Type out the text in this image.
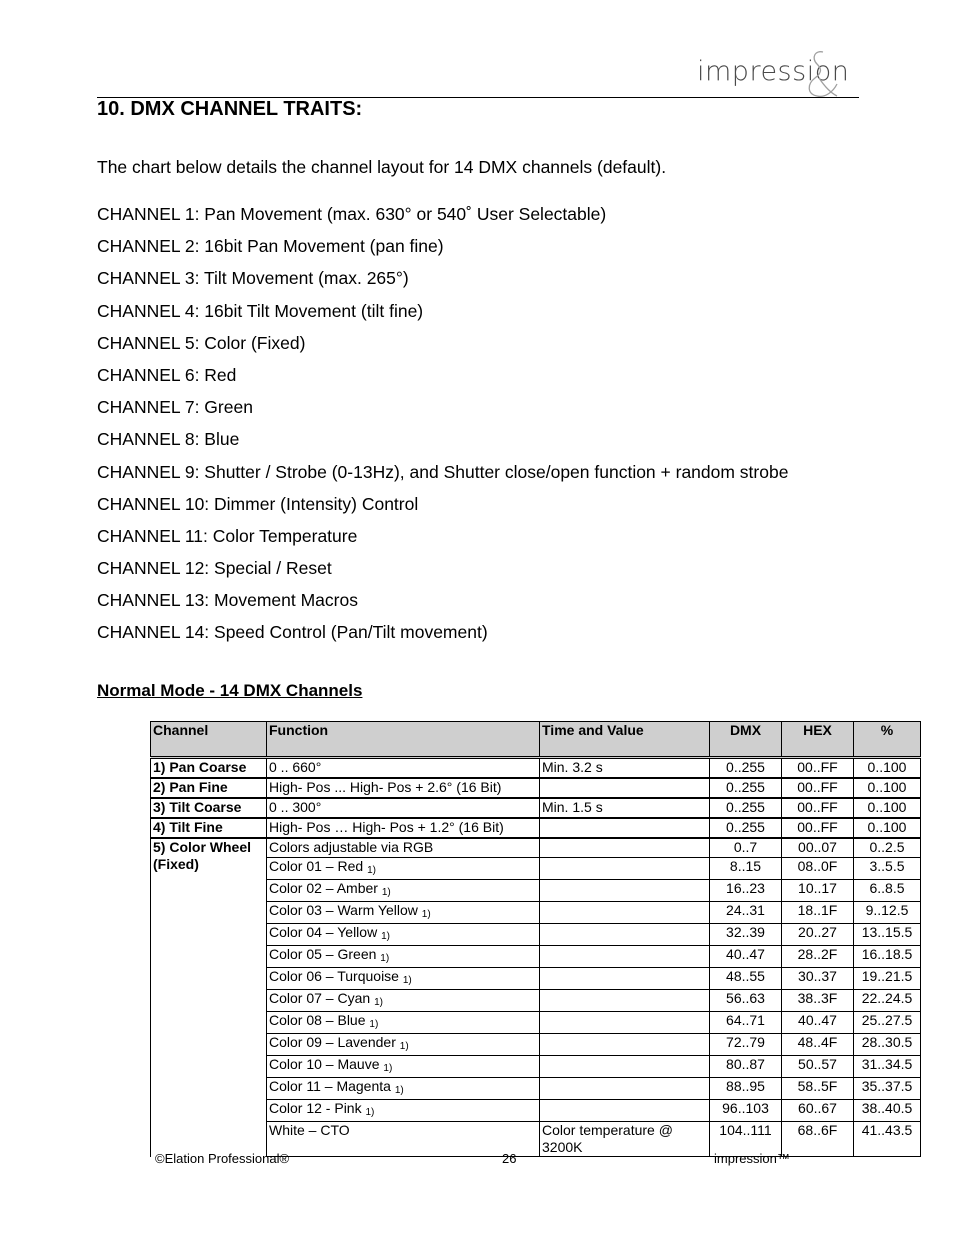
impression
10. DMX CHANNEL TRAITS:

The chart below details the channel layout for 14 DMX channels (default).

CHANNEL 1: Pan Movement (max. 630° or 540˚ User Selectable)
CHANNEL 2: 16bit Pan Movement (pan fine)
CHANNEL 3: Tilt Movement (max. 265°)
CHANNEL 4: 16bit Tilt Movement (tilt fine)
CHANNEL 5: Color (Fixed)
CHANNEL 6: Red
CHANNEL 7: Green
CHANNEL 8: Blue
CHANNEL 9: Shutter / Strobe (0-13Hz), and Shutter close/open function + random strobe
CHANNEL 10: Dimmer (Intensity) Control
CHANNEL 11: Color Temperature
CHANNEL 12: Special / Reset
CHANNEL 13: Movement Macros
CHANNEL 14: Speed Control (Pan/Tilt movement)
Normal Mode - 14 DMX Channels
Channel	Function	Time and Value	DMX	HEX	%
1) Pan Coarse	0 .. 660°	Min. 3.2 s	0..255	00..FF	0..100
2) Pan Fine	High- Pos ... High- Pos + 2.6° (16 Bit)		0..255	00..FF	0..100
3) Tilt Coarse	0 .. 300°	Min. 1.5 s	0..255	00..FF	0..100
4) Tilt Fine	High- Pos … High- Pos + 1.2° (16 Bit)		0..255	00..FF	0..100
5) Color Wheel (Fixed)	Colors adjustable via RGB		0..7	00..07	0..2.5
	Color 01 – Red $^{1)}$		8..15	08..0F	3..5.5
	Color 02 – Amber $^{1)}$		16..23	10..17	6..8.5
	Color 03 – Warm Yellow $^{1)}$		24..31	18..1F	9..12.5
	Color 04 – Yellow $^{1)}$		32..39	20..27	13..15.5
	Color 05 – Green $^{1)}$		40..47	28..2F	16..18.5
	Color 06 – Turquoise $^{1)}$		48..55	30..37	19..21.5
	Color 07 – Cyan $^{1)}$		56..63	38..3F	22..24.5
	Color 08 – Blue $^{1)}$		64..71	40..47	25..27.5
	Color 09 – Lavender $^{1)}$		72..79	48..4F	28..30.5
	Color 10 – Mauve $^{1)}$		80..87	50..57	31..34.5
	Color 11 – Magenta $^{1)}$		88..95	58..5F	35..37.5
	Color 12 - Pink $^{1)}$		96..103	60..67	38..40.5
	White – CTO	Color temperature @ 3200K	104..111	68..6F	41..43.5
©Elation Professional®	26	impression™
